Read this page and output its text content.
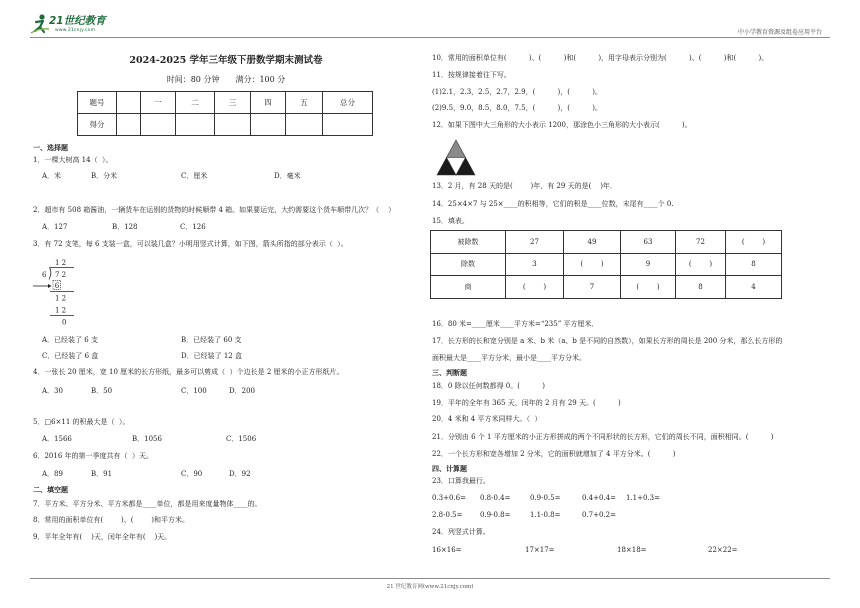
21世纪教育
www.21cnjy.com	中小学教育资源及组卷应用平台
2024-2025 学年三年级下册数学期末测试卷
时间：80 分钟 满分：100 分
题号		一	二	三	四	五	总分
得分							
一、选择题
1．一棵大树高 14（  ）。
A．米	B．分米	C．厘米	D．毫米
2．超市有 508 箱酱油，一辆货车在运别的货物的时候顺带 4 箱。如果要运完，大约需要这个货车顺带几次？（    ）
A．127	B．128	C．126
3．有 72 支笔，每 6 支装一盒，可以装几盒？小明用竖式计算，如下图，箭头所指的部分表示（  ）。
1 2
6 7 2
6
1 2
1 2
0
A．已经装了 6 支	B．已经装了 60 支
C．已经装了 6 盒	D．已经装了 12 盒
4．一张长 20 厘米，宽 10 厘米的长方形纸，最多可以剪成（  ）个边长是 2 厘米的小正方形纸片。
A．30	B．50	C．100	D．200
5．□6×11 的积最大是（  ）。
A．1566	B．1056	C．1506
6．2016 年的第一季度共有（  ）天。
A．89	B．91	C．90	D．92
二、填空题
7．平方米、平方分米、平方米都是____单位，都是用来度量物体____的。
8．常用的面积单位有(        )、(        )和平方米。
9．平年全年有(    )天，闰年全年有(    )天。
10．常用的面积单位有(          )、(          )和(          )，用字母表示分别为(          )、(          )和(          )。
11．按规律接着往下写。
(1)2.1，2.3，2.5，2.7，2.9，(          )，(          )。
(2)9.5，9.0，8.5，8.0，7.5，(          )，(          )。
12．如果下图中大三角形的大小表示 1200，那涂色小三角形的大小表示(          )。
13．2 月，有 28 天的是(        )年，有 29 天的是(    )年．
14．25×4×7 与 25×____的积相等，它们的积是____位数，末尾有____个 0.
15．填表。
被除数	27	49	63	72	(        )
除数	3	(        )	9	(        )	8
商	(        )	7	(        )	8	4
16．80 米=____厘米____平方米=“235” 平方厘米．
17．长方形的长和宽分别是 a 米、b 米（a、b 是不同的自然数），如果长方形的周长是 200 分米，那么长方形的
面积最大是____平方分米，最小是____平方分米。
三、判断题
18．0 除以任何数都得 0。(          )
19．平年的全年有 365 天，闰年的 2 月有 29 天。(          )
20．4 米和 4 平方米同样大。（  ）
21．分别由 6 个 1 平方厘米的小正方形拼成的两个不同形状的长方形，它们的周长不同，面积相同。(          )
22．一个长方形和宽各增加 2 分米，它的面积就增加了 4 平方分米。(          )
四、计算题
23．口算我最行。
0.3+0.6= 0.8-0.4=	0.9-0.5=	0.4+0.4= 1.1+0.3=
2.8-0.5=	0.9-0.8=	1.1-0.8=	0.7+0.2=
24．列竖式计算。
16×16=	17×17=	18×18=	22×22=
21 世纪教育网(www.21cnjy.com)
